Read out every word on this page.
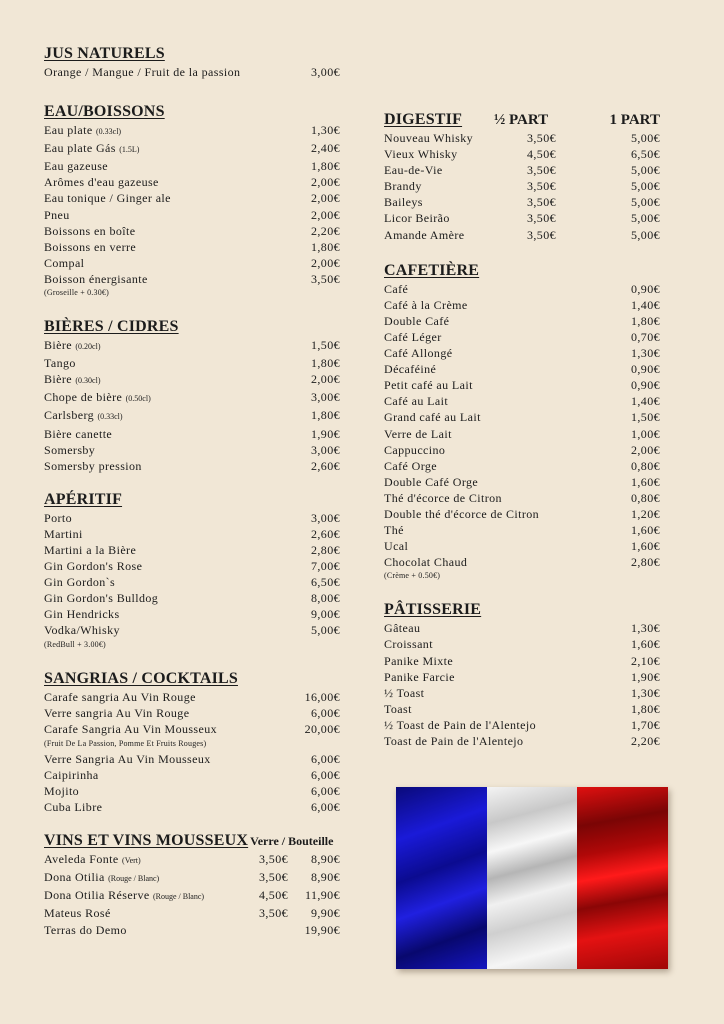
JUS NATURELS
Orange / Mangue / Fruit de la passion	3,00€
EAU/BOISSONS
Eau plate (0.33cl)	1,30€
Eau plate Gás (1.5L)	2,40€
Eau gazeuse	1,80€
Arômes d'eau gazeuse	2,00€
Eau tonique / Ginger ale	2,00€
Pneu	2,00€
Boissons en boîte	2,20€
Boissons en verre	1,80€
Compal	2,00€
Boisson énergisante	3,50€
(Groseille + 0.30€)
BIÈRES / CIDRES
Bière (0.20cl)	1,50€
Tango	1,80€
Bière (0.30cl)	2,00€
Chope de bière (0.50cl)	3,00€
Carlsberg (0.33cl)	1,80€
Bière canette	1,90€
Somersby	3,00€
Somersby pression	2,60€
APÉRITIF
Porto	3,00€
Martini	2,60€
Martini a la Bière	2,80€
Gin Gordon's Rose	7,00€
Gin Gordon`s	6,50€
Gin Gordon's Bulldog	8,00€
Gin Hendricks	9,00€
Vodka/Whisky	5,00€
(RedBull + 3.00€)
SANGRIAS / COCKTAILS
Carafe sangria Au Vin Rouge	16,00€
Verre sangria Au Vin Rouge	6,00€
Carafe Sangria Au Vin Mousseux	20,00€
(Fruit De La Passion, Pomme Et Fruits Rouges)
Verre Sangria Au Vin Mousseux	6,00€
Caipirinha	6,00€
Mojito	6,00€
Cuba Libre	6,00€
VINS ET VINS MOUSSEUX Verre / Bouteille
Aveleda Fonte (Vert)	3,50€	8,90€
Dona Otilia (Rouge / Blanc)	3,50€	8,90€
Dona Otilia Réserve (Rouge / Blanc)	4,50€	11,90€
Mateus Rosé	3,50€	9,90€
Terras do Demo	19,90€
DIGESTIF	½ PART	1 PART
Nouveau Whisky	3,50€	5,00€
Vieux Whisky	4,50€	6,50€
Eau-de-Vie	3,50€	5,00€
Brandy	3,50€	5,00€
Baileys	3,50€	5,00€
Licor Beirão	3,50€	5,00€
Amande Amère	3,50€	5,00€
CAFETIÈRE
Café	0,90€
Café à la Crème	1,40€
Double Café	1,80€
Café Léger	0,70€
Café Allongé	1,30€
Décaféiné	0,90€
Petit café au Lait	0,90€
Café au Lait	1,40€
Grand café au Lait	1,50€
Verre de Lait	1,00€
Cappuccino	2,00€
Café Orge	0,80€
Double Café Orge	1,60€
Thé d'écorce de Citron	0,80€
Double thé d'écorce de Citron	1,20€
Thé	1,60€
Ucal	1,60€
Chocolat Chaud	2,80€
(Crème + 0.50€)
PÂTISSERIE
Gâteau	1,30€
Croissant	1,60€
Panike Mixte	2,10€
Panike Farcie	1,90€
½ Toast	1,30€
Toast	1,80€
½ Toast de Pain de l'Alentejo	1,70€
Toast de Pain de l'Alentejo	2,20€
